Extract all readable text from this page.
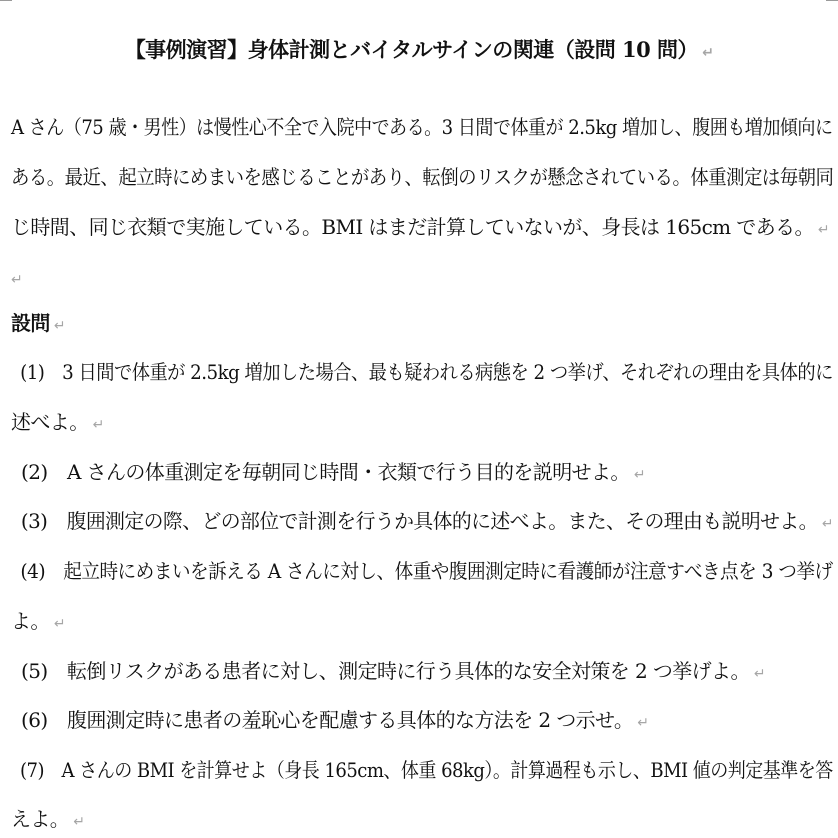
【事例演習】身体計測とバイタルサインの関連（設問 10 問） ↵
A さん（75 歳・男性）は慢性心不全で入院中である。3 日間で体重が 2.5kg 増加し、腹囲も増加傾向に
ある。最近、起立時にめまいを感じることがあり、転倒のリスクが懸念されている。体重測定は毎朝同
じ時間、同じ衣類で実施している。BMI はまだ計算していないが、身長は 165cm である。 ↵
↵
設問 ↵
(1) 3 日間で体重が 2.5kg 増加した場合、最も疑われる病態を 2 つ挙げ、それぞれの理由を具体的に
述べよ。 ↵
(2) A さんの体重測定を毎朝同じ時間・衣類で行う目的を説明せよ。 ↵
(3) 腹囲測定の際、どの部位で計測を行うか具体的に述べよ。また、その理由も説明せよ。 ↵
(4) 起立時にめまいを訴える A さんに対し、体重や腹囲測定時に看護師が注意すべき点を 3 つ挙げ
よ。 ↵
(5) 転倒リスクがある患者に対し、測定時に行う具体的な安全対策を 2 つ挙げよ。 ↵
(6) 腹囲測定時に患者の羞恥心を配慮する具体的な方法を 2 つ示せ。 ↵
(7) A さんの BMI を計算せよ（身長 165cm、体重 68kg）。計算過程も示し、BMI 値の判定基準を答
えよ。 ↵
